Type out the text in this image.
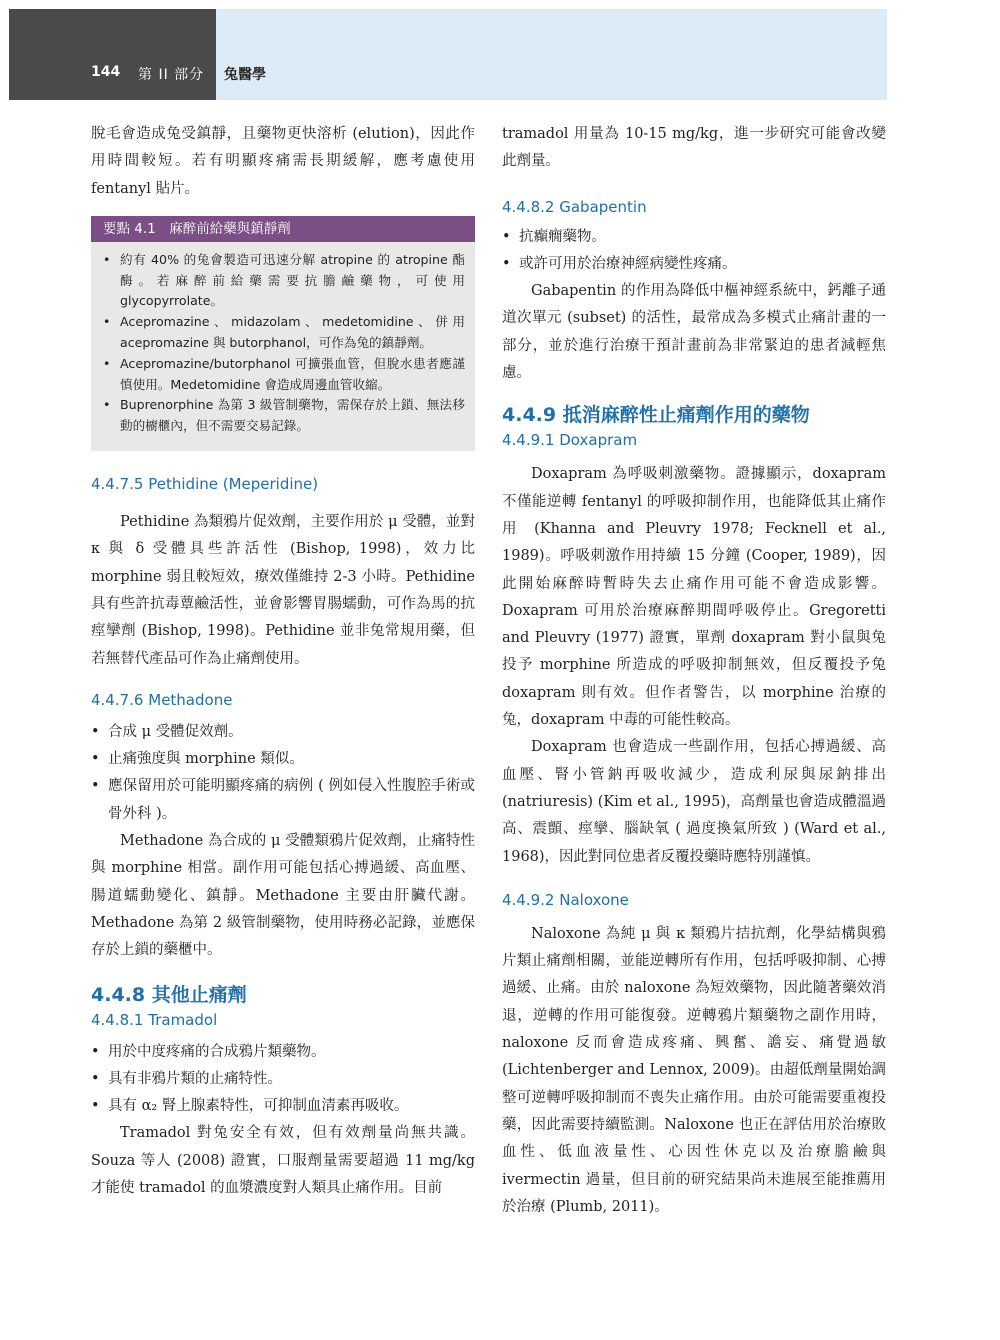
144 第 II 部分 兔醫學

脫毛會造成兔受鎮靜，且藥物更快溶析 (elution)，因此作用時間較短。若有明顯疼痛需長期緩解，應考慮使用 fentanyl 貼片。

要點 4.1　麻醉前給藥與鎮靜劑
• 約有 40% 的兔會製造可迅速分解 atropine 的 atropine 酯酶。若麻醉前給藥需要抗膽鹼藥物，可使用 glycopyrrolate。
• Acepromazine、midazolam、medetomidine、併用 acepromazine 與 butorphanol，可作為兔的鎮靜劑。
• Acepromazine/butorphanol 可擴張血管，但脫水患者應謹慎使用。Medetomidine 會造成周邊血管收縮。
• Buprenorphine 為第 3 級管制藥物，需保存於上鎖、無法移動的櫥櫃內，但不需要交易記錄。
4.4.7.5 Pethidine (Meperidine)

Pethidine 為類鴉片促效劑，主要作用於 μ 受體，並對 κ 與 δ 受體具些許活性 (Bishop, 1998)，效力比 morphine 弱且較短效，療效僅維持 2-3 小時。Pethidine 具有些許抗毒蕈鹼活性，並會影響胃腸蠕動，可作為馬的抗痙攣劑 (Bishop, 1998)。Pethidine 並非兔常規用藥，但若無替代產品可作為止痛劑使用。

4.4.7.6 Methadone
• 合成 μ 受體促效劑。
• 止痛強度與 morphine 類似。
• 應保留用於可能明顯疼痛的病例 ( 例如侵入性腹腔手術或骨外科 )。

Methadone 為合成的 μ 受體類鴉片促效劑，止痛特性與 morphine 相當。副作用可能包括心搏過緩、高血壓、腸道蠕動變化、鎮靜。Methadone 主要由肝臟代謝。Methadone 為第 2 級管制藥物，使用時務必記錄，並應保存於上鎖的藥櫃中。

4.4.8 其他止痛劑
4.4.8.1 Tramadol
• 用於中度疼痛的合成鴉片類藥物。
• 具有非鴉片類的止痛特性。
• 具有 α₂ 腎上腺素特性，可抑制血清素再吸收。

Tramadol 對兔安全有效，但有效劑量尚無共識。Souza 等人 (2008) 證實，口服劑量需要超過 11 mg/kg 才能使 tramadol 的血漿濃度對人類具止痛作用。目前

tramadol 用量為 10-15 mg/kg，進一步研究可能會改變此劑量。

4.4.8.2 Gabapentin
• 抗癲癇藥物。
• 或許可用於治療神經病變性疼痛。

Gabapentin 的作用為降低中樞神經系統中，鈣離子通道次單元 (subset) 的活性，最常成為多模式止痛計畫的一部分，並於進行治療干預計畫前為非常緊迫的患者減輕焦慮。

4.4.9 抵消麻醉性止痛劑作用的藥物
4.4.9.1 Doxapram

Doxapram 為呼吸刺激藥物。證據顯示，doxapram 不僅能逆轉 fentanyl 的呼吸抑制作用，也能降低其止痛作 用 (Khanna and Pleuvry 1978; Fecknell et al., 1989)。呼吸刺激作用持續 15 分鐘 (Cooper, 1989)，因此開始麻醉時暫時失去止痛作用可能不會造成影響。Doxapram 可用於治療麻醉期間呼吸停止。Gregoretti and Pleuvry (1977) 證實，單劑 doxapram 對小鼠與兔投予 morphine 所造成的呼吸抑制無效，但反覆投予兔 doxapram 則有效。但作者警告，以 morphine 治療的兔，doxapram 中毒的可能性較高。

Doxapram 也會造成一些副作用，包括心搏過緩、高血壓、腎小管鈉再吸收減少，造成利尿與尿鈉排出 (natriuresis) (Kim et al., 1995)，高劑量也會造成體溫過高、震顫、痙攣、腦缺氧 ( 過度換氣所致 ) (Ward et al., 1968)，因此對同位患者反覆投藥時應特別謹慎。

4.4.9.2 Naloxone

Naloxone 為純 μ 與 κ 類鴉片拮抗劑，化學結構與鴉片類止痛劑相關，並能逆轉所有作用，包括呼吸抑制、心搏過緩、止痛。由於 naloxone 為短效藥物，因此隨著藥效消退，逆轉的作用可能復發。逆轉鴉片類藥物之副作用時，naloxone 反而會造成疼痛、興奮、譫妄、痛覺過敏 (Lichtenberger and Lennox, 2009)。由超低劑量開始調整可逆轉呼吸抑制而不喪失止痛作用。由於可能需要重複投藥，因此需要持續監測。Naloxone 也正在評估用於治療敗血性、低血液量性、心因性休克以及治療膽鹼與 ivermectin 過量，但目前的研究結果尚未進展至能推薦用於治療 (Plumb, 2011)。
